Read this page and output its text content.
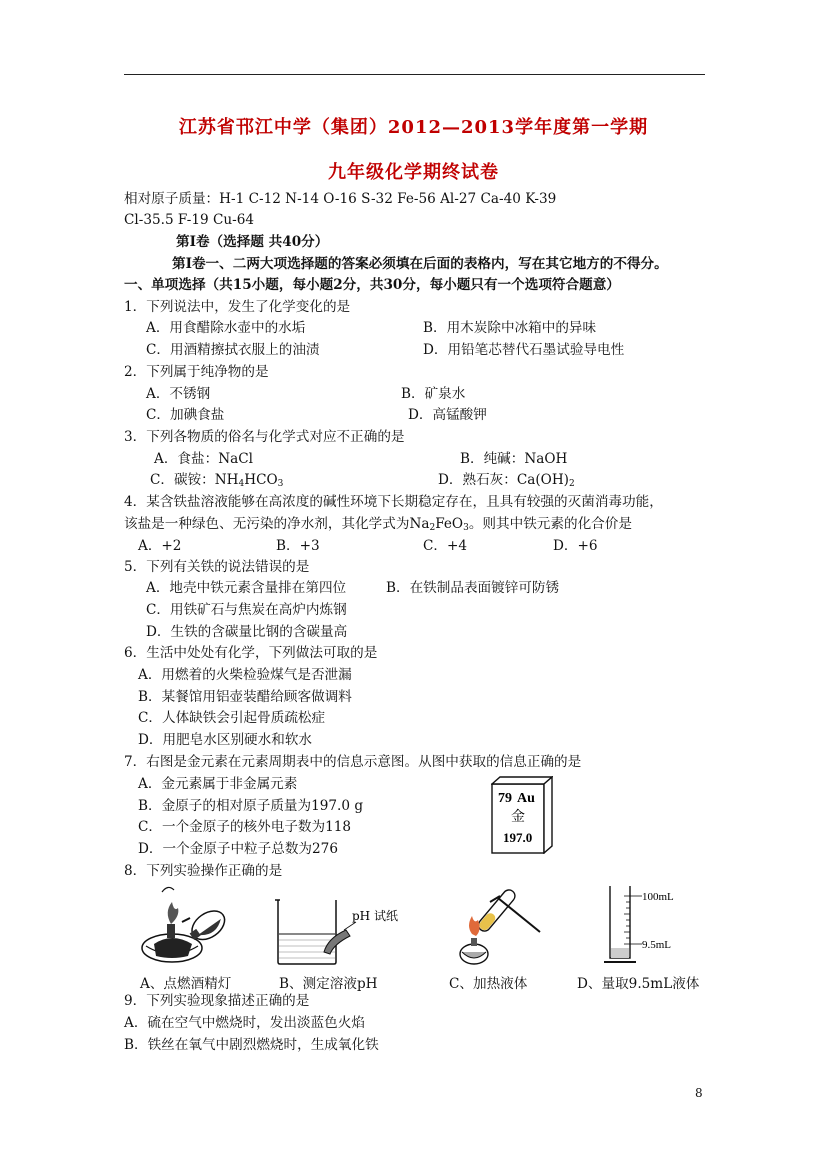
江苏省邗江中学（集团）2012—2013学年度第一学期
九年级化学期终试卷
相对原子质量：H-1 C-12 N-14 O-16 S-32 Fe-56 Al-27 Ca-40 K-39
Cl-35.5 F-19 Cu-64
第Ⅰ卷（选择题 共40分）
第Ⅰ卷一、二两大项选择题的答案必须填在后面的表格内，写在其它地方的不得分。
一、单项选择（共15小题，每小题2分，共30分，每小题只有一个选项符合题意）
1．下列说法中，发生了化学变化的是
A．用食醋除水壶中的水垢	B．用木炭除中冰箱中的异味
C．用酒精擦拭衣服上的油渍	D．用铅笔芯替代石墨试验导电性
2．下列属于纯净物的是
A．不锈钢	B．矿泉水
C．加碘食盐	D．高锰酸钾
3．下列各物质的俗名与化学式对应不正确的是
A．食盐：NaCl	B．纯碱：NaOH
C．碳铵：$NH_4HCO_3$	D．熟石灰：$Ca(OH)_2$
4．某含铁盐溶液能够在高浓度的碱性环境下长期稳定存在，且具有较强的灭菌消毒功能，
该盐是一种绿色、无污染的净水剂，其化学式为$Na_2FeO_3$。则其中铁元素的化合价是
A．+2	B．+3	C．+4	D．+6
5．下列有关铁的说法错误的是
A．地壳中铁元素含量排在第四位	B．在铁制品表面镀锌可防锈
C．用铁矿石与焦炭在高炉内炼钢
D．生铁的含碳量比钢的含碳量高
6．生活中处处有化学，下列做法可取的是
A．用燃着的火柴检验煤气是否泄漏
B．某餐馆用铝壶装醋给顾客做调料
C．人体缺铁会引起骨质疏松症
D．用肥皂水区别硬水和软水
7．右图是金元素在元素周期表中的信息示意图。从图中获取的信息正确的是
A．金元素属于非金属元素
B．金原子的相对原子质量为197.0 g
C．一个金原子的核外电子数为118
D．一个金原子中粒子总数为276
79 Au
金
197.0
8．下列实验操作正确的是
A、点燃酒精灯
pH 试纸
B、测定溶液pH	C、加热液体
100mL
9.5mL
D、量取9.5mL液体
9．下列实验现象描述正确的是
A．硫在空气中燃烧时，发出淡蓝色火焰
B．铁丝在氧气中剧烈燃烧时，生成氧化铁
8
